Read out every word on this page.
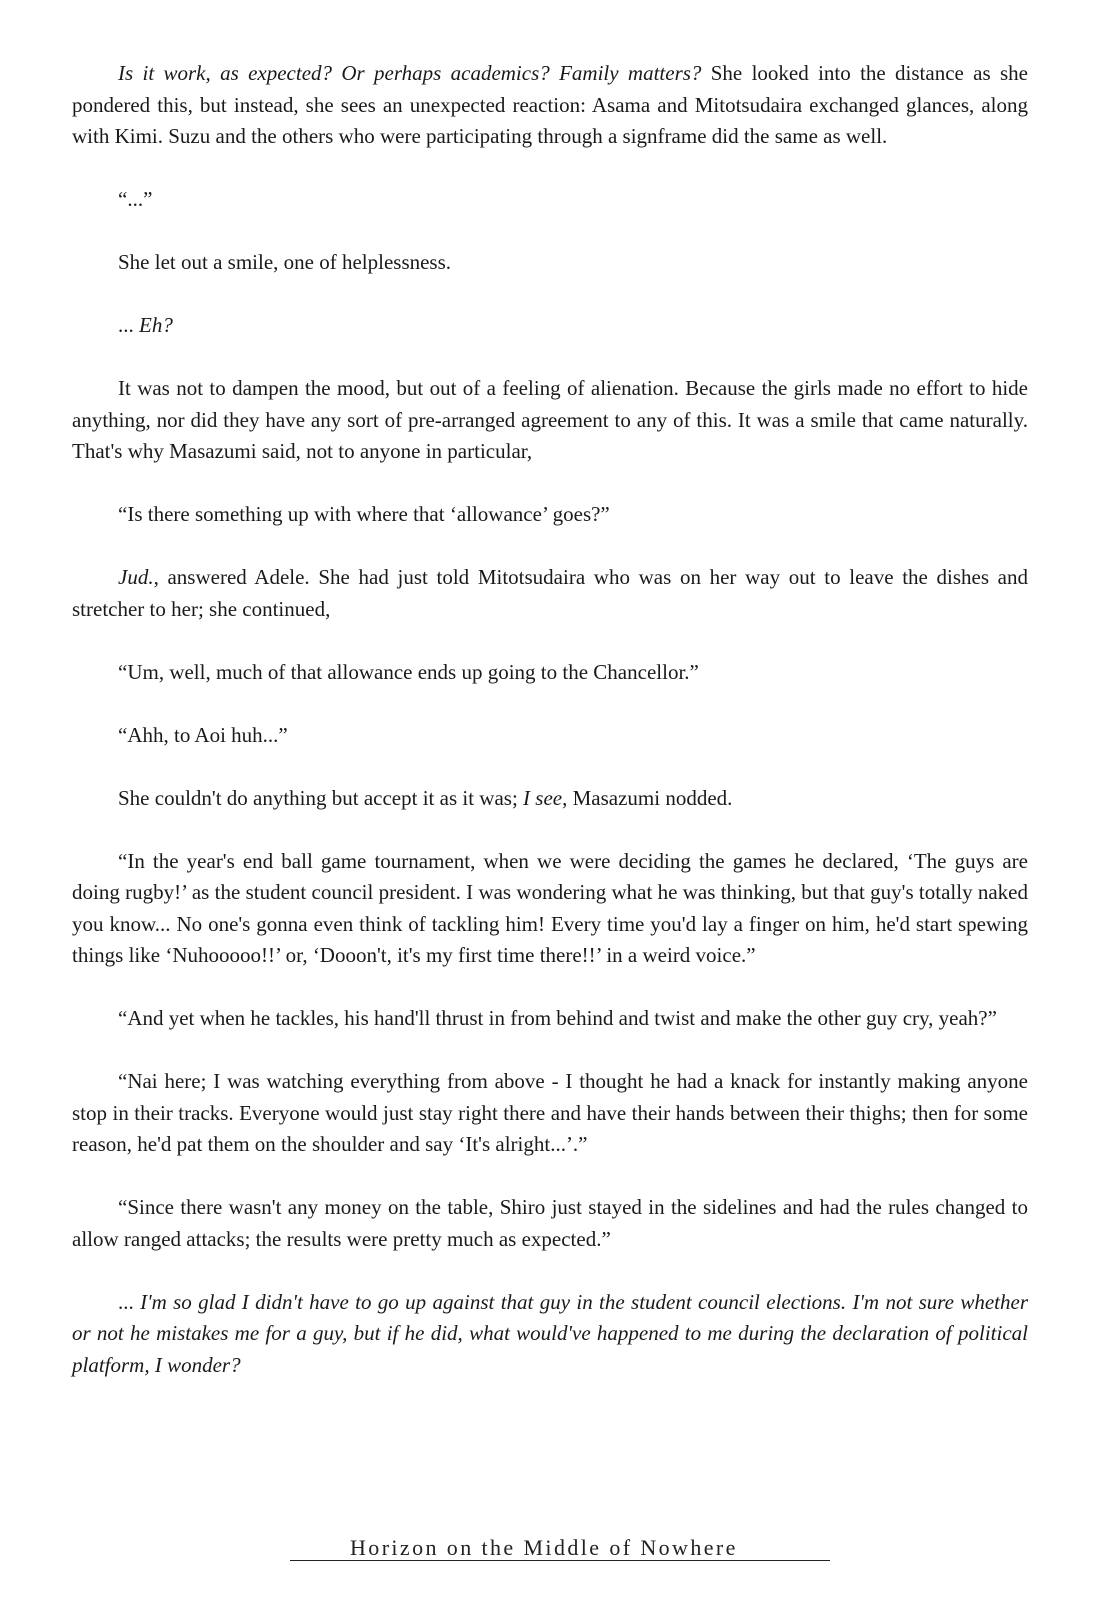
Is it work, as expected? Or perhaps academics? Family matters? She looked into the distance as she pondered this, but instead, she sees an unexpected reaction: Asama and Mitotsudaira exchanged glances, along with Kimi. Suzu and the others who were participating through a signframe did the same as well.

“...”

She let out a smile, one of helplessness.

... Eh?

It was not to dampen the mood, but out of a feeling of alienation. Because the girls made no effort to hide anything, nor did they have any sort of pre-arranged agreement to any of this. It was a smile that came naturally. That's why Masazumi said, not to anyone in particular,

“Is there something up with where that ‘allowance’ goes?”

Jud., answered Adele. She had just told Mitotsudaira who was on her way out to leave the dishes and stretcher to her; she continued,

“Um, well, much of that allowance ends up going to the Chancellor.”

“Ahh, to Aoi huh...”

She couldn't do anything but accept it as it was; I see, Masazumi nodded.

“In the year's end ball game tournament, when we were deciding the games he declared, ‘The guys are doing rugby!’ as the student council president. I was wondering what he was thinking, but that guy's totally naked you know... No one's gonna even think of tackling him! Every time you'd lay a finger on him, he'd start spewing things like ‘Nuhooooo!!’ or, ‘Dooon't, it's my first time there!!’ in a weird voice.”

“And yet when he tackles, his hand'll thrust in from behind and twist and make the other guy cry, yeah?”

“Nai here; I was watching everything from above - I thought he had a knack for instantly making anyone stop in their tracks. Everyone would just stay right there and have their hands between their thighs; then for some reason, he'd pat them on the shoulder and say ‘It's alright...’.”

“Since there wasn't any money on the table, Shiro just stayed in the sidelines and had the rules changed to allow ranged attacks; the results were pretty much as expected.”

... I'm so glad I didn't have to go up against that guy in the student council elections. I'm not sure whether or not he mistakes me for a guy, but if he did, what would've happened to me during the declaration of political platform, I wonder?

Horizon on the Middle of Nowhere
